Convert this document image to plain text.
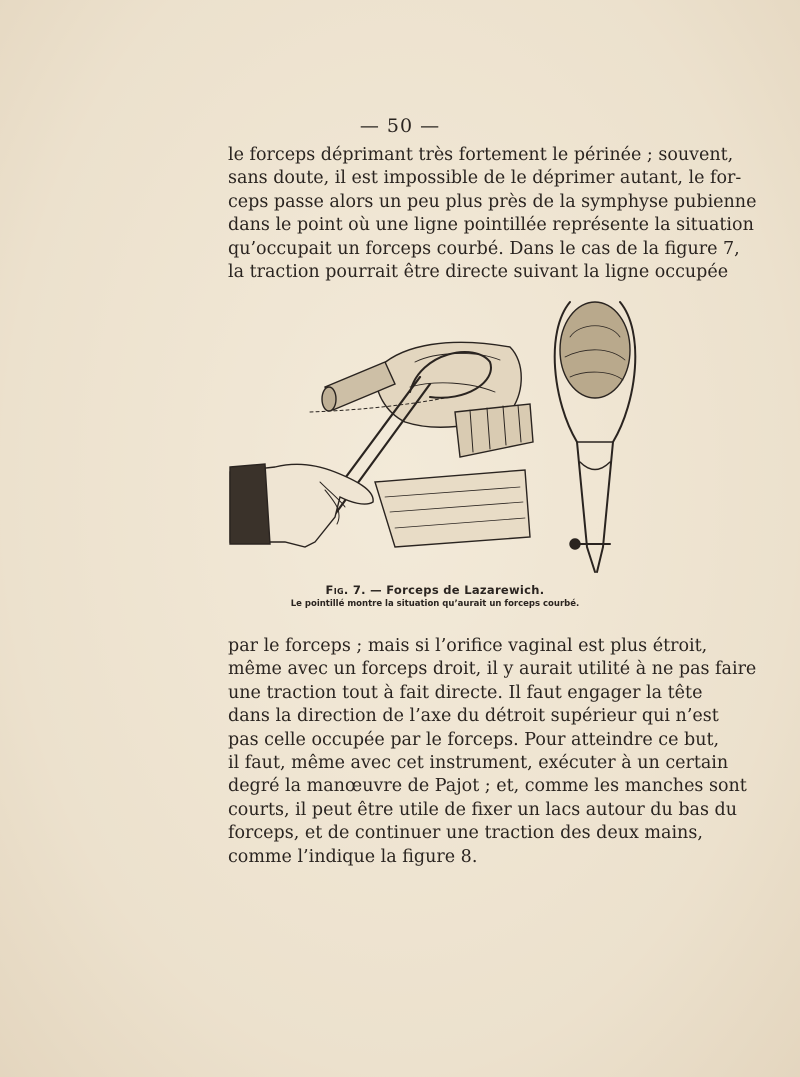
— 50 —
le forceps déprimant très fortement le périnée ; souvent,
sans doute, il est impossible de le déprimer autant, le for-
ceps passe alors un peu plus près de la symphyse pubienne
dans le point où une ligne pointillée représente la situation
qu’occupait un forceps courbé. Dans le cas de la figure 7,
la traction pourrait être directe suivant la ligne occupée
Fig. 7. — Forceps de Lazarewich.
Le pointillé montre la situation qu’aurait un forceps courbé.
par le forceps ; mais si l’orifice vaginal est plus étroit,
même avec un forceps droit, il y aurait utilité à ne pas faire
une traction tout à fait directe. Il faut engager la tête
dans la direction de l’axe du détroit supérieur qui n’est
pas celle occupée par le forceps. Pour atteindre ce but,
il faut, même avec cet instrument, exécuter à un certain
degré la manœuvre de Pajot ; et, comme les manches sont
courts, il peut être utile de fixer un lacs autour du bas du
forceps, et de continuer une traction des deux mains,
comme l’indique la figure 8.
